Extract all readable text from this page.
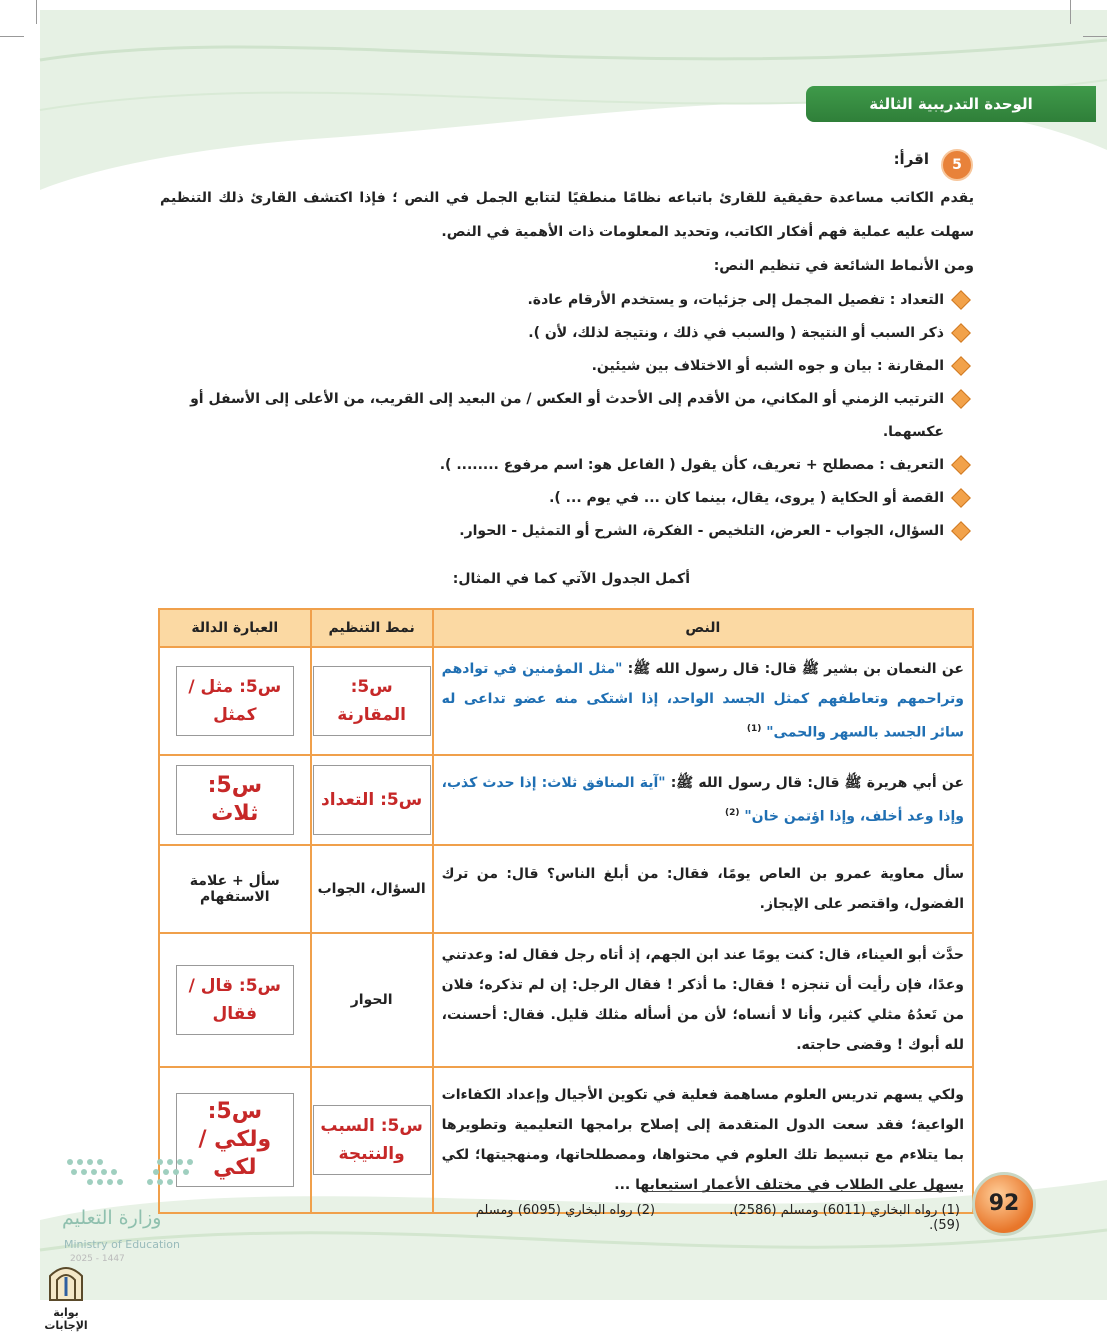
الوحدة التدريبية الثالثة
5
اقرأ:

يقدم الكاتب مساعدة حقيقية للقارئ باتباعه نظامًا منطقيًا لتتابع الجمل في النص ؛ فإذا اكتشف القارئ ذلك التنظيم سهلت عليه عملية فهم أفكار الكاتب، وتحديد المعلومات ذات الأهمية في النص.

ومن الأنماط الشائعة في تنظيم النص:

التعداد : تفصيل المجمل إلى جزئيات، و يستخدم الأرقام عادة.
ذكر السبب أو النتيجة ( والسبب في ذلك ، ونتيجة لذلك، لأن ).
المقارنة : بيان و جوه الشبه أو الاختلاف بين شيئين.
الترتيب الزمني أو المكاني، من الأقدم إلى الأحدث أو العكس / من البعيد إلى القريب، من الأعلى إلى الأسفل أو عكسهما.
التعريف : مصطلح + تعريف، كأن يقول ( الفاعل هو: اسم مرفوع ........ ).
القصة أو الحكاية ( يروى، يقال، بينما كان ... في يوم ... ).
السؤال، الجواب - العرض، التلخيص - الفكرة، الشرح أو التمثيل - الحوار.
أكمل الجدول الآتي كما في المثال:
النص	نمط التنظيم	العبارة الدالة
عن النعمان بن بشير ﷺ قال: قال رسول الله ﷺ: "مثل المؤمنين في توادهم وتراحمهم وتعاطفهم كمثل الجسد الواحد، إذا اشتكى منه عضو تداعى له سائر الجسد بالسهر والحمى" $^{(1)}$	س5: المقارنة	س5: مثل / كمثل

عن أبي هريرة ﷺ قال: قال رسول الله ﷺ: "آية المنافق ثلاث: إذا حدث كذب، وإذا وعد أخلف، وإذا اؤتمن خان" $^{(2)}$	س5: التعداد	س5: ثلاث

سأل معاوية عمرو بن العاص يومًا، فقال: من أبلغ الناس؟ قال: من ترك الفضول، واقتصر على الإيجاز.	السؤال، الجواب	سأل + علامة الاستفهام
حدَّث أبو العيناء، قال: كنت يومًا عند ابن الجهم، إذ أتاه رجل فقال له: وعدتني وعدًا، فإن رأيت أن تنجزه ! فقال: ما أذكر ! فقال الرجل: إن لم تذكره؛ فلان من تَعدُهُ مثلي كثير، وأنا لا أنساه؛ لأن من أسأله مثلك قليل. فقال: أحسنت، لله أبوك ! وقضى حاجته.	الحوار	س5: قال / فقال

ولكي يسهم تدريس العلوم مساهمة فعلية في تكوين الأجيال وإعداد الكفاءات الواعية؛ فقد سعت الدول المتقدمة إلى إصلاح برامجها التعليمية وتطويرها بما يتلاءم مع تبسيط تلك العلوم في محتواها، ومصطلحاتها، ومنهجيتها؛ لكي يسهل على الطلاب في مختلف الأعمار استيعابها ...	س5: السبب والنتيجة	س5: ولكي / لكي
(1) رواه البخاري (6011) ومسلم (2586). (2) رواه البخاري (6095) ومسلم (59).
92
وزارة التعليم
Ministry of Education
2025 - 1447
بوابة الإجابات
